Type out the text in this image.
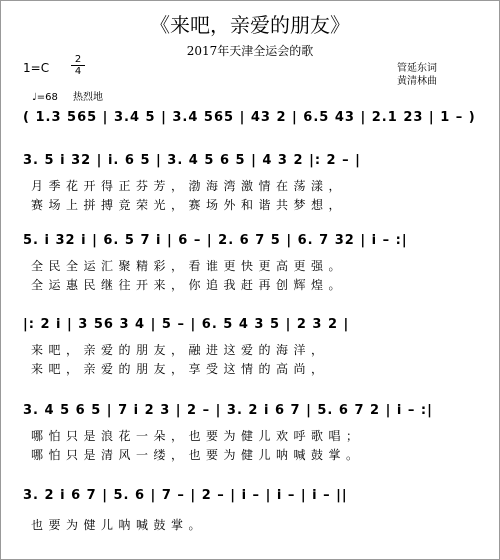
《来吧，亲爱的朋友》
2017年天津全运会的歌
1=C
2
4	管延东词
黄清林曲
♩=68 热烈地
( 1.3 565 | 3.4 5 | 3.4 565 | 43 2 | 6.5 43 | 2.1 23 | 1 – )
3. 5 i 32 | i. 6 5 | 3. 4 5 6 5 | 4 3 2 |: 2 – |
月季花开得正芬芳，渤海湾激情在荡漾，
赛场上拼搏竞荣光，赛场外和谐共梦想，
5. i 32 i | 6. 5 7 i | 6 – | 2. 6 7 5 | 6. 7 32 | i – :|
全民全运汇聚精彩，看谁更快更高更强。
全运惠民继往开来，你追我赶再创辉煌。
|: 2 i | 3 56 3 4 | 5 – | 6. 5 4 3 5 | 2 3 2 |
来吧，亲爱的朋友，融进这爱的海洋，
来吧，亲爱的朋友，享受这情的高尚，
3. 4 5 6 5 | 7 i 2 3 | 2 – | 3. 2 i 6 7 | 5. 6 7 2 | i – :|
哪怕只是浪花一朵，也要为健儿欢呼歌唱；
哪怕只是清风一缕，也要为健儿呐喊鼓掌。
3. 2 i 6 7 | 5. 6 | 7 – | 2 – | i – | i – | i – ||
也要为健儿呐喊鼓掌。
